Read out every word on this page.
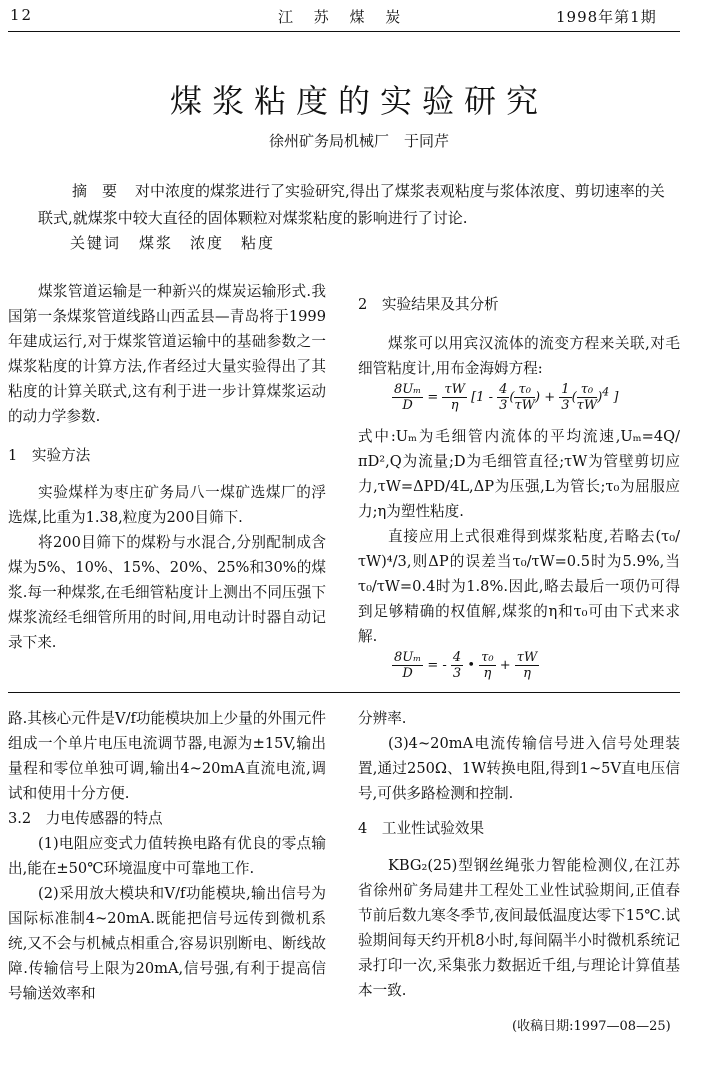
12	江 苏 煤 炭	1998年第1期
煤浆粘度的实验研究
徐州矿务局机械厂　于同芹
摘　要 对中浓度的煤浆进行了实验研究,得出了煤浆表观粘度与浆体浓度、剪切速率的关联式,就煤浆中较大直径的固体颗粒对煤浆粘度的影响进行了讨论.
关键词 煤浆　浓度　粘度

煤浆管道运输是一种新兴的煤炭运输形式.我国第一条煤浆管道线路山西孟县—青岛将于1999年建成运行,对于煤浆管道运输中的基础参数之一煤浆粘度的计算方法,作者经过大量实验得出了其粘度的计算关联式,这有利于进一步计算煤浆运动的动力学参数.

1　实验方法

实验煤样为枣庄矿务局八一煤矿选煤厂的浮选煤,比重为1.38,粒度为200目筛下.

将200目筛下的煤粉与水混合,分别配制成含煤为5%、10%、15%、20%、25%和30%的煤浆.每一种煤浆,在毛细管粘度计上测出不同压强下煤浆流经毛细管所用的时间,用电动计时器自动记录下来.

2　实验结果及其分析

煤浆可以用宾汉流体的流变方程来关联,对毛细管粘度计,用布金海姆方程:

$\frac{\text{8Uₘ}}{D} = \frac{\tau W}{\eta} [1 - \frac{4}{3}$ ( $\frac{\text{τ₀}}{\tau W}$ ) + $\frac{1}{3}$ ( $\frac{\text{τ₀}}{\tau W} )^4$ ]

式中:Uₘ为毛细管内流体的平均流速,Uₘ=4Q/πD²,Q为流量;D为毛细管直径;τW为管壁剪切应力,τW=ΔPD/4L,ΔP为压强,L为管长;τ₀为屈服应力;η为塑性粘度.

直接应用上式很难得到煤浆粘度,若略去(τ₀/τW)⁴/3,则ΔP的误差当τ₀/τW=0.5时为5.9%,当τ₀/τW=0.4时为1.8%.因此,略去最后一项仍可得到足够精确的权值解,煤浆的η和τ₀可由下式来求解.

$\frac{\text{8Uₘ}}{D}$ = - $\frac{4}{3}$ • $\frac{\text{τ₀}}{\eta} + \frac{\tau W}{\eta}$

路.其核心元件是V/f功能模块加上少量的外围元件组成一个单片电压电流调节器,电源为±15V,输出量程和零位单独可调,输出4~20mA直流电流,调试和使用十分方便.

3.2　力电传感器的特点

(1)电阻应变式力值转换电路有优良的零点输出,能在±50℃环境温度中可靠地工作.

(2)采用放大模块和V/f功能模块,输出信号为国际标准制4~20mA.既能把信号远传到微机系统,又不会与机械点相重合,容易识别断电、断线故障.传输信号上限为20mA,信号强,有利于提高信号输送效率和

分辨率.

(3)4~20mA电流传输信号进入信号处理装置,通过250Ω、1W转换电阻,得到1~5V直电压信号,可供多路检测和控制.

4　工业性试验效果

KBG₂(25)型钢丝绳张力智能检测仪,在江苏省徐州矿务局建井工程处工业性试验期间,正值春节前后数九寒冬季节,夜间最低温度达零下15℃.试验期间每天约开机8小时,每间隔半小时微机系统记录打印一次,采集张力数据近千组,与理论计算值基本一致.

(收稿日期:1997—08—25)
